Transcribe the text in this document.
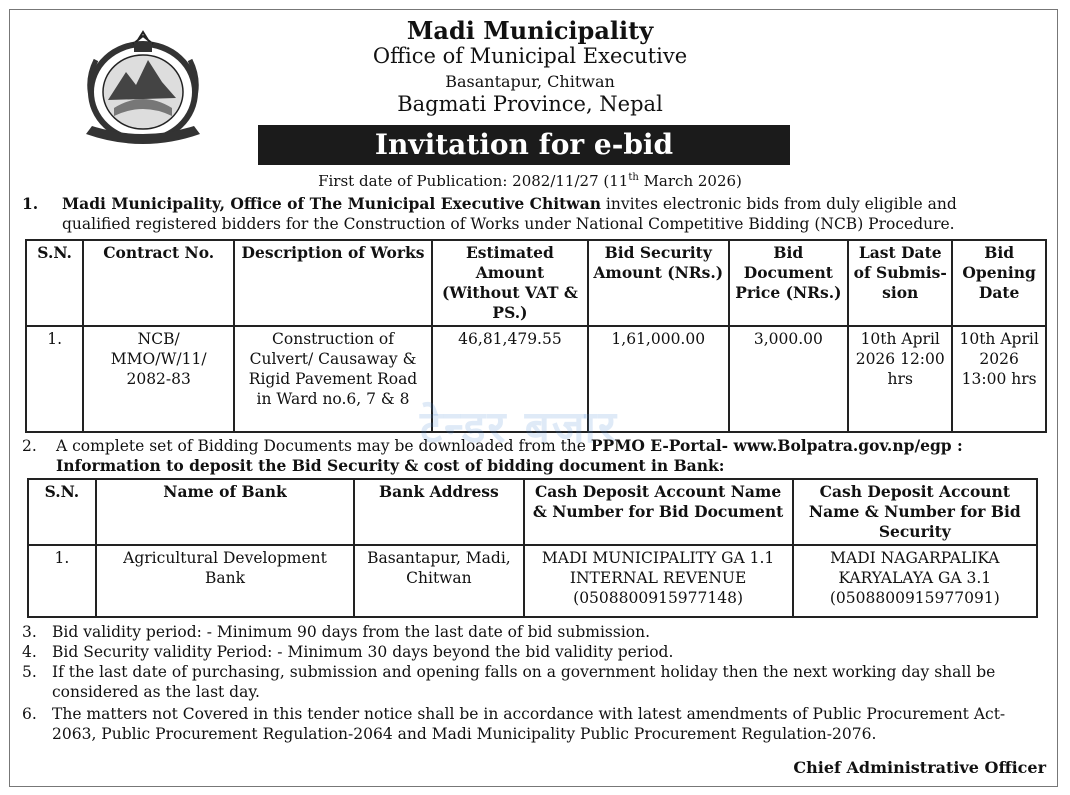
Madi Municipality
Office of Municipal Executive
Basantapur, Chitwan
Bagmati Province, Nepal
Invitation for e-bid
First date of Publication: 2082/11/27 (11th March 2026)
1. Madi Municipality, Office of The Municipal Executive Chitwan invites electronic bids from duly eligible and
qualified registered bidders for the Construction of Works under National Competitive Bidding (NCB) Procedure.
S.N.	Contract No.	Description of Works	Estimated Amount (Without VAT & PS.)	Bid Security Amount (NRs.)	Bid Document Price (NRs.)	Last Date of Submis- sion	Bid Opening Date
1.	NCB/ MMO/W/11/ 2082-83	Construction of Culvert/ Causaway & Rigid Pavement Road in Ward no.6, 7 & 8	46,81,479.55	1,61,000.00	3,000.00	10th April 2026 12:00 hrs	10th April 2026 13:00 hrs
टेन्डर बजार
2. A complete set of Bidding Documents may be downloaded from the PPMO E-Portal- www.Bolpatra.gov.np/egp :
Information to deposit the Bid Security & cost of bidding document in Bank:
S.N.	Name of Bank	Bank Address	Cash Deposit Account Name & Number for Bid Document	Cash Deposit Account Name & Number for Bid Security
1.	Agricultural Development Bank	Basantapur, Madi, Chitwan	MADI MUNICIPALITY GA 1.1 INTERNAL REVENUE (0508800915977148)	MADI NAGARPALIKA KARYALAYA GA 3.1 (0508800915977091)
3. Bid validity period: - Minimum 90 days from the last date of bid submission.
4. Bid Security validity Period: - Minimum 30 days beyond the bid validity period.
5. If the last date of purchasing, submission and opening falls on a government holiday then the next working day shall be considered as the last day.
6. The matters not Covered in this tender notice shall be in accordance with latest amendments of Public Procurement Act-2063, Public Procurement Regulation-2064 and Madi Municipality Public Procurement Regulation-2076.
Chief Administrative Officer
